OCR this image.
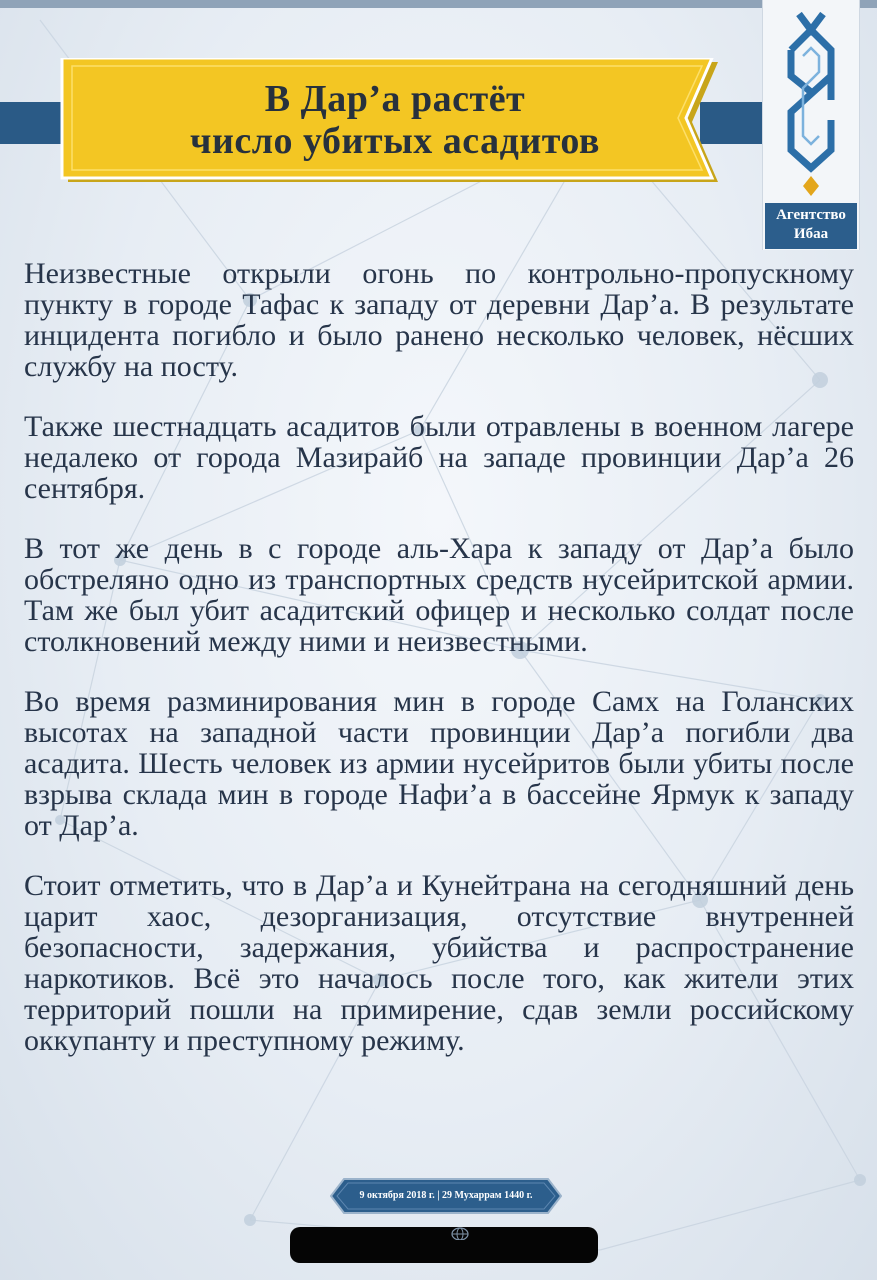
В Дар’а растёт
число убитых асадитов
Агентство
Ибаа

Неизвестные открыли огонь по контрольно-пропускному пункту в городе Тафас к западу от деревни Дар’а. В результате инцидента погибло и было ранено несколько человек, нёсших службу на посту.

Также шестнадцать асадитов были отравлены в военном лагере недалеко от города Мазирайб на западе провинции Дар’а 26 сентября.

В тот же день в с городе аль-Хара к западу от Дар’а было обстреляно одно из транспортных средств нусейритской армии. Там же был убит асадитский офицер и несколько солдат после столкновений между ними и неизвестными.

Во время разминирования мин в городе Самх на Голанских высотах на западной части провинции Дар’а погибли два асадита. Шесть человек из армии нусейритов были убиты после взрыва склада мин в городе Нафи’а в бассейне Ярмук к западу от Дар’а.

Стоит отметить, что в Дар’а и Кунейтрана на сегодняшний день царит хаос, дезорганизация, отсутствие внутренней безопасности, задержания, убийства и распространение наркотиков. Всё это началось после того, как жители этих территорий пошли на примирение, сдав земли российскому оккупанту и преступному режиму.

9 октября 2018 г. | 29 Мухаррам 1440 г.
